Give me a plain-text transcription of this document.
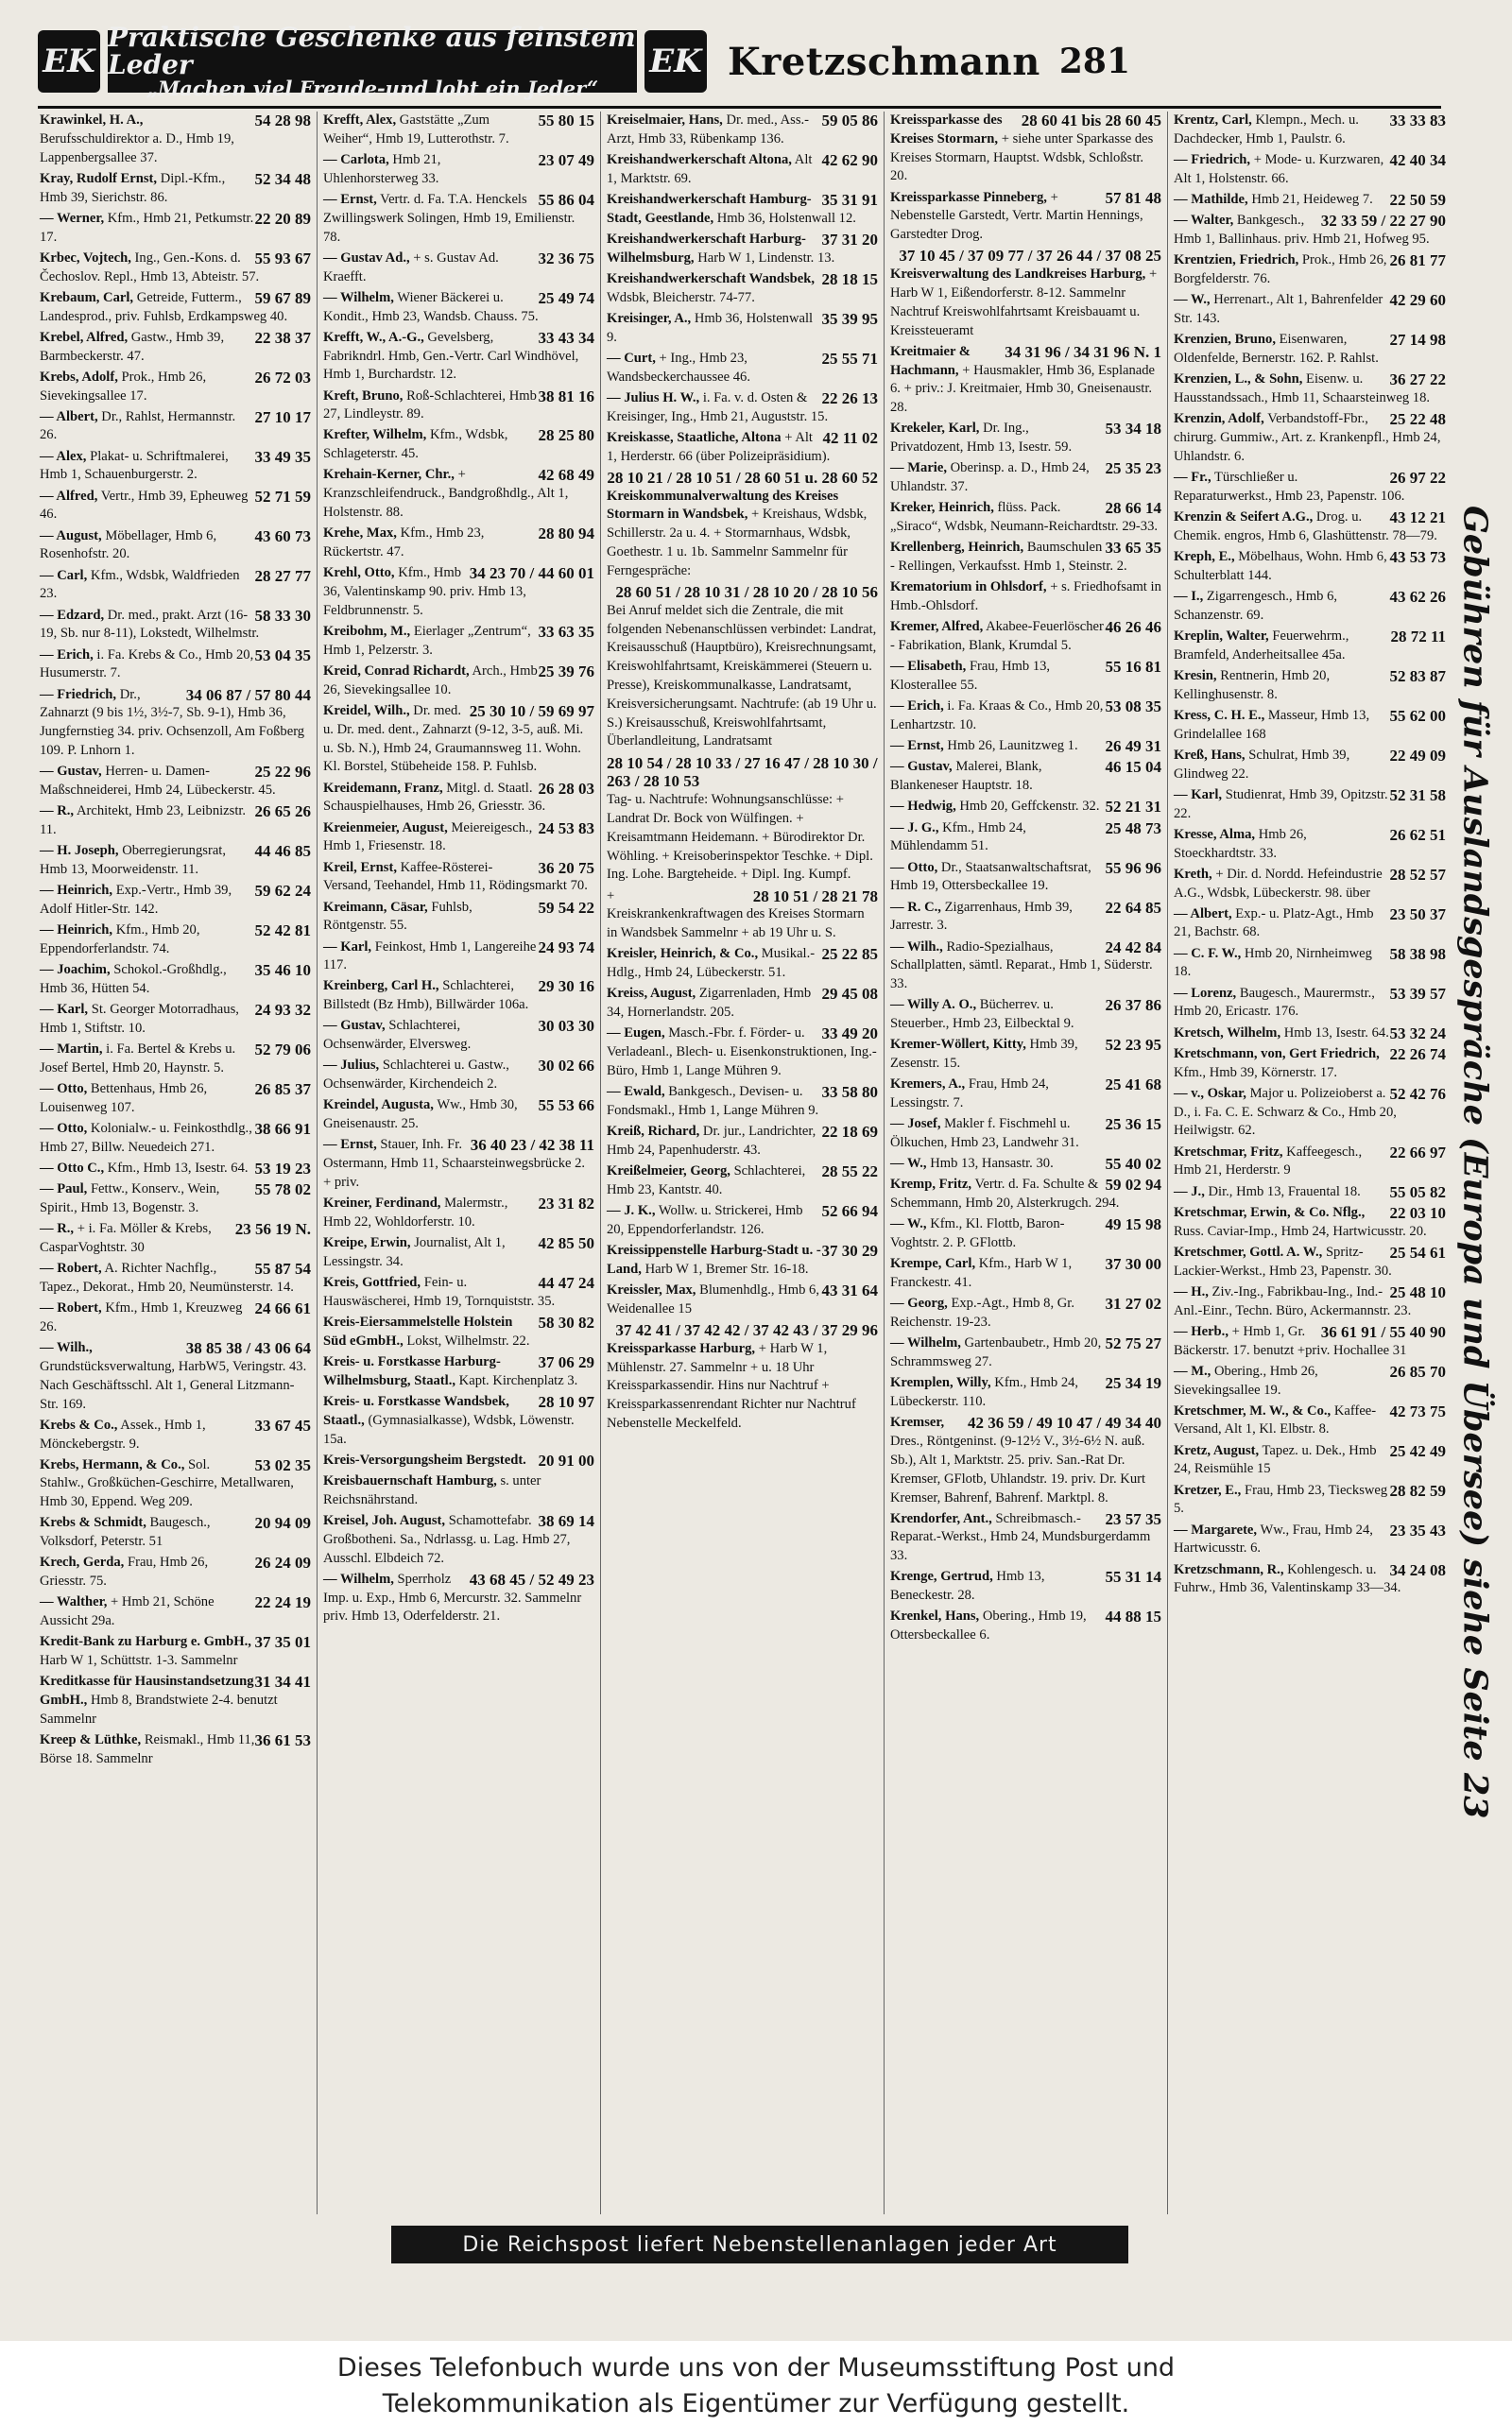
EK
Praktische Geschenke aus feinstem Leder
„Machen viel Freude-und lobt ein Jeder“
EK Kretzschmann 281
54 28 98
Krawinkel, H. A., Berufsschuldirektor a. D., Hmb 19, Lappenbergsallee 37.
52 34 48
Kray, Rudolf Ernst, Dipl.-Kfm., Hmb 39, Sierichstr. 86.
22 20 89
— Werner, Kfm., Hmb 21, Petkumstr. 17.
55 93 67
Krbec, Vojtech, Ing., Gen.-Kons. d. Čechoslov. Repl., Hmb 13, Abteistr. 57.
59 67 89
Krebaum, Carl, Getreide, Futterm., Landesprod., priv. Fuhlsb, Erdkampsweg 40.
22 38 37
Krebel, Alfred, Gastw., Hmb 39, Barmbeckerstr. 47.
26 72 03
Krebs, Adolf, Prok., Hmb 26, Sievekingsallee 17.
27 10 17
— Albert, Dr., Rahlst, Hermannstr. 26.
33 49 35
— Alex, Plakat- u. Schriftmalerei, Hmb 1, Schauenburgerstr. 2.
52 71 59
— Alfred, Vertr., Hmb 39, Epheuweg 46.
43 60 73
— August, Möbellager, Hmb 6, Rosenhofstr. 20.
28 27 77
— Carl, Kfm., Wdsbk, Waldfrieden 23.
58 33 30
— Edzard, Dr. med., prakt. Arzt (16-19, Sb. nur 8-11), Lokstedt, Wilhelmstr.
53 04 35
— Erich, i. Fa. Krebs & Co., Hmb 20, Husumerstr. 7.
34 06 87 / 57 80 44
— Friedrich, Dr., Zahnarzt (9 bis 1½, 3½-7, Sb. 9-1), Hmb 36, Jungfernstieg 34. priv. Ochsenzoll, Am Foßberg 109. P. Lnhorn 1.
25 22 96
— Gustav, Herren- u. Damen-Maßschneiderei, Hmb 24, Lübeckerstr. 45.
26 65 26
— R., Architekt, Hmb 23, Leibnizstr. 11.
44 46 85
— H. Joseph, Oberregierungsrat, Hmb 13, Moorweidenstr. 11.
59 62 24
— Heinrich, Exp.-Vertr., Hmb 39, Adolf Hitler-Str. 142.
52 42 81
— Heinrich, Kfm., Hmb 20, Eppendorferlandstr. 74.
35 46 10
— Joachim, Schokol.-Großhdlg., Hmb 36, Hütten 54.
24 93 32
— Karl, St. Georger Motorradhaus, Hmb 1, Stiftstr. 10.
52 79 06
— Martin, i. Fa. Bertel & Krebs u. Josef Bertel, Hmb 20, Haynstr. 5.
26 85 37
— Otto, Bettenhaus, Hmb 26, Louisenweg 107.
38 66 91
— Otto, Kolonialw.- u. Feinkosthdlg., Hmb 27, Billw. Neuedeich 271.
53 19 23
— Otto C., Kfm., Hmb 13, Isestr. 64.
55 78 02
— Paul, Fettw., Konserv., Wein, Spirit., Hmb 13, Bogenstr. 3.
23 56 19 N.
— R., + i. Fa. Möller & Krebs, CasparVoghtstr. 30
55 87 54
— Robert, A. Richter Nachflg., Tapez., Dekorat., Hmb 20, Neumünsterstr. 14.
24 66 61
— Robert, Kfm., Hmb 1, Kreuzweg 26.
38 85 38 / 43 06 64
— Wilh., Grundstücksverwaltung, HarbW5, Veringstr. 43. Nach Geschäftsschl. Alt 1, General Litzmann-Str. 169.
33 67 45
Krebs & Co., Assek., Hmb 1, Mönckebergstr. 9.
53 02 35
Krebs, Hermann, & Co., Sol. Stahlw., Großküchen-Geschirre, Metallwaren, Hmb 30, Eppend. Weg 209.
20 94 09
Krebs & Schmidt, Baugesch., Volksdorf, Peterstr. 51
26 24 09
Krech, Gerda, Frau, Hmb 26, Griesstr. 75.
22 24 19
— Walther, + Hmb 21, Schöne Aussicht 29a.
37 35 01
Kredit-Bank zu Harburg e. GmbH., Harb W 1, Schüttstr. 1-3. Sammelnr
31 34 41
Kreditkasse für Hausinstandsetzung GmbH., Hmb 8, Brandstwiete 2-4. benutzt Sammelnr
36 61 53
Kreep & Lüthke, Reismakl., Hmb 11, Börse 18. Sammelnr
55 80 15
Krefft, Alex, Gaststätte „Zum Weiher“, Hmb 19, Lutterothstr. 7.
23 07 49
— Carlota, Hmb 21, Uhlenhorsterweg 33.
55 86 04
— Ernst, Vertr. d. Fa. T.A. Henckels Zwillingswerk Solingen, Hmb 19, Emilienstr. 78.
32 36 75
— Gustav Ad., + s. Gustav Ad. Kraefft.
25 49 74
— Wilhelm, Wiener Bäckerei u. Kondit., Hmb 23, Wandsb. Chauss. 75.
33 43 34
Krefft, W., A.-G., Gevelsberg, Fabrikndrl. Hmb, Gen.-Vertr. Carl Windhövel, Hmb 1, Burchardstr. 12.
38 81 16
Kreft, Bruno, Roß-Schlachterei, Hmb 27, Lindleystr. 89.
28 25 80
Krefter, Wilhelm, Kfm., Wdsbk, Schlageterstr. 45.
42 68 49
Krehain-Kerner, Chr., + Kranzschleifendruck., Bandgroßhdlg., Alt 1, Holstenstr. 88.
28 80 94
Krehe, Max, Kfm., Hmb 23, Rückertstr. 47.
34 23 70 / 44 60 01
Krehl, Otto, Kfm., Hmb 36, Valentinskamp 90. priv. Hmb 13, Feldbrunnenstr. 5.
33 63 35
Kreibohm, M., Eierlager „Zentrum“, Hmb 1, Pelzerstr. 3.
25 39 76
Kreid, Conrad Richardt, Arch., Hmb 26, Sievekingsallee 10.
25 30 10 / 59 69 97
Kreidel, Wilh., Dr. med. u. Dr. med. dent., Zahnarzt (9-12, 3-5, auß. Mi. u. Sb. N.), Hmb 24, Graumannsweg 11. Wohn. Kl. Borstel, Stübeheide 158. P. Fuhlsb.
26 28 03
Kreidemann, Franz, Mitgl. d. Staatl. Schauspielhauses, Hmb 26, Griesstr. 36.
24 53 83
Kreienmeier, August, Meiereigesch., Hmb 1, Friesenstr. 18.
36 20 75
Kreil, Ernst, Kaffee-Rösterei-Versand, Teehandel, Hmb 11, Rödingsmarkt 70.
59 54 22
Kreimann, Cäsar, Fuhlsb, Röntgenstr. 55.
24 93 74
— Karl, Feinkost, Hmb 1, Langereihe 117.
29 30 16
Kreinberg, Carl H., Schlachterei, Billstedt (Bz Hmb), Billwärder 106a.
30 03 30
— Gustav, Schlachterei, Ochsenwärder, Elversweg.
30 02 66
— Julius, Schlachterei u. Gastw., Ochsenwärder, Kirchendeich 2.
55 53 66
Kreindel, Augusta, Ww., Hmb 30, Gneisenaustr. 25.
36 40 23 / 42 38 11
— Ernst, Stauer, Inh. Fr. Ostermann, Hmb 11, Schaarsteinwegsbrücke 2. + priv.
23 31 82
Kreiner, Ferdinand, Malermstr., Hmb 22, Wohldorferstr. 10.
42 85 50
Kreipe, Erwin, Journalist, Alt 1, Lessingstr. 34.
44 47 24
Kreis, Gottfried, Fein- u. Hauswäscherei, Hmb 19, Tornquiststr. 35.
58 30 82
Kreis-Eiersammelstelle Holstein Süd eGmbH., Lokst, Wilhelmstr. 22.
37 06 29
Kreis- u. Forstkasse Harburg-Wilhelmsburg, Staatl., Kapt. Kirchenplatz 3.
28 10 97
Kreis- u. Forstkasse Wandsbek, Staatl., (Gymnasialkasse), Wdsbk, Löwenstr. 15a.
20 91 00
Kreis-Versorgungsheim Bergstedt.
Kreisbauernschaft Hamburg, s. unter Reichsnährstand.
38 69 14
Kreisel, Joh. August, Schamottefabr. Großbotheni. Sa., Ndrlassg. u. Lag. Hmb 27, Ausschl. Elbdeich 72.
43 68 45 / 52 49 23
— Wilhelm, Sperrholz Imp. u. Exp., Hmb 6, Mercurstr. 32. Sammelnr priv. Hmb 13, Oderfelderstr. 21.
59 05 86
Kreiselmaier, Hans, Dr. med., Ass.-Arzt, Hmb 33, Rübenkamp 136.
42 62 90
Kreishandwerkerschaft Altona, Alt 1, Marktstr. 69.
35 31 91
Kreishandwerkerschaft Hamburg-Stadt, Geestlande, Hmb 36, Holstenwall 12.
37 31 20
Kreishandwerkerschaft Harburg-Wilhelmsburg, Harb W 1, Lindenstr. 13.
28 18 15
Kreishandwerkerschaft Wandsbek, Wdsbk, Bleicherstr. 74-77.
35 39 95
Kreisinger, A., Hmb 36, Holstenwall 9.
25 55 71
— Curt, + Ing., Hmb 23, Wandsbeckerchaussee 46.
22 26 13
— Julius H. W., i. Fa. v. d. Osten & Kreisinger, Ing., Hmb 21, Auguststr. 15.
42 11 02
Kreiskasse, Staatliche, Altona + Alt 1, Herderstr. 66 (über Polizeipräsidium).
28 10 21 / 28 10 51 / 28 60 51 u. 28 60 52
Kreiskommunalverwaltung des Kreises Stormarn in Wandsbek, + Kreishaus, Wdsbk, Schillerstr. 2a u. 4. + Stormarnhaus, Wdsbk, Goethestr. 1 u. 1b. Sammelnr Sammelnr für Ferngespräche:
28 60 51 / 28 10 31 / 28 10 20 / 28 10 56
Bei Anruf meldet sich die Zentrale, die mit folgenden Nebenanschlüssen verbindet: Landrat, Kreisausschuß (Hauptbüro), Kreisrechnungsamt, Kreiswohlfahrtsamt, Kreiskämmerei (Steuern u. Presse), Kreiskommunalkasse, Landratsamt, Kreisversicherungsamt. Nachtrufe: (ab 19 Uhr u. S.) Kreisausschuß, Kreiswohlfahrtsamt, Überlandleitung, Landratsamt
28 10 54 / 28 10 33 / 27 16 47 / 28 10 30 / 263 / 28 10 53
Tag- u. Nachtrufe: Wohnungsanschlüsse: + Landrat Dr. Bock von Wülfingen. + Kreisamtmann Heidemann. + Bürodirektor Dr. Wöhling. + Kreisoberinspektor Teschke. + Dipl. Ing. Lohe. Bargteheide. + Dipl. Ing. Kumpf.
28 10 51 / 28 21 78
+ Kreiskrankenkraftwagen des Kreises Stormarn in Wandsbek Sammelnr + ab 19 Uhr u. S.
25 22 85
Kreisler, Heinrich, & Co., Musikal.-Hdlg., Hmb 24, Lübeckerstr. 51.
29 45 08
Kreiss, August, Zigarrenladen, Hmb 34, Hornerlandstr. 205.
33 49 20
— Eugen, Masch.-Fbr. f. Förder- u. Verladeanl., Blech- u. Eisenkonstruktionen, Ing.-Büro, Hmb 1, Lange Mühren 9.
33 58 80
— Ewald, Bankgesch., Devisen- u. Fondsmakl., Hmb 1, Lange Mühren 9.
22 18 69
Kreiß, Richard, Dr. jur., Landrichter, Hmb 24, Papenhuderstr. 43.
28 55 22
Kreißelmeier, Georg, Schlachterei, Hmb 23, Kantstr. 40.
52 66 94
— J. K., Wollw. u. Strickerei, Hmb 20, Eppendorferlandstr. 126.
37 30 29
Kreissippenstelle Harburg-Stadt u. -Land, Harb W 1, Bremer Str. 16-18.
43 31 64
Kreissler, Max, Blumenhdlg., Hmb 6, Weidenallee 15
37 42 41 / 37 42 42 / 37 42 43 / 37 29 96
Kreissparkasse Harburg, + Harb W 1, Mühlenstr. 27. Sammelnr + u. 18 Uhr Kreissparkassendir. Hins nur Nachtruf + Kreissparkassenrendant Richter nur Nachtruf Nebenstelle Meckelfeld.
28 60 41 bis 28 60 45
Kreissparkasse des Kreises Stormarn, + siehe unter Sparkasse des Kreises Stormarn, Hauptst. Wdsbk, Schloßstr. 20.
57 81 48
Kreissparkasse Pinneberg, + Nebenstelle Garstedt, Vertr. Martin Hennings, Garstedter Drog.
37 10 45 / 37 09 77 / 37 26 44 / 37 08 25
Kreisverwaltung des Landkreises Harburg, + Harb W 1, Eißendorferstr. 8-12. Sammelnr Nachtruf Kreiswohlfahrtsamt Kreisbauamt u. Kreissteueramt
34 31 96 / 34 31 96 N. 1
Kreitmaier & Hachmann, + Hausmakler, Hmb 36, Esplanade 6. + priv.: J. Kreitmaier, Hmb 30, Gneisenaustr. 28.
53 34 18
Krekeler, Karl, Dr. Ing., Privatdozent, Hmb 13, Isestr. 59.
25 35 23
— Marie, Oberinsp. a. D., Hmb 24, Uhlandstr. 37.
28 66 14
Kreker, Heinrich, flüss. Pack. „Siraco“, Wdsbk, Neumann-Reichardtstr. 29-33.
33 65 35
Krellenberg, Heinrich, Baumschulen - Rellingen, Verkaufsst. Hmb 1, Steinstr. 2.
Krematorium in Ohlsdorf, + s. Friedhofsamt in Hmb.-Ohlsdorf.
46 26 46
Kremer, Alfred, Akabee-Feuerlöscher - Fabrikation, Blank, Krumdal 5.
55 16 81
— Elisabeth, Frau, Hmb 13, Klosterallee 55.
53 08 35
— Erich, i. Fa. Kraas & Co., Hmb 20, Lenhartzstr. 10.
26 49 31
— Ernst, Hmb 26, Launitzweg 1.
46 15 04
— Gustav, Malerei, Blank, Blankeneser Hauptstr. 18.
52 21 31
— Hedwig, Hmb 20, Geffckenstr. 32.
25 48 73
— J. G., Kfm., Hmb 24, Mühlendamm 51.
55 96 96
— Otto, Dr., Staatsanwaltschaftsrat, Hmb 19, Ottersbeckallee 19.
22 64 85
— R. C., Zigarrenhaus, Hmb 39, Jarrestr. 3.
24 42 84
— Wilh., Radio-Spezialhaus, Schallplatten, sämtl. Reparat., Hmb 1, Süderstr. 33.
26 37 86
— Willy A. O., Bücherrev. u. Steuerber., Hmb 23, Eilbecktal 9.
52 23 95
Kremer-Wöllert, Kitty, Hmb 39, Zesenstr. 15.
25 41 68
Kremers, A., Frau, Hmb 24, Lessingstr. 7.
25 36 15
— Josef, Makler f. Fischmehl u. Ölkuchen, Hmb 23, Landwehr 31.
55 40 02
— W., Hmb 13, Hansastr. 30.
59 02 94
Kremp, Fritz, Vertr. d. Fa. Schulte & Schemmann, Hmb 20, Alsterkrugch. 294.
49 15 98
— W., Kfm., Kl. Flottb, Baron-Voghtstr. 2. P. GFlottb.
37 30 00
Krempe, Carl, Kfm., Harb W 1, Franckestr. 41.
31 27 02
— Georg, Exp.-Agt., Hmb 8, Gr. Reichenstr. 19-23.
52 75 27
— Wilhelm, Gartenbaubetr., Hmb 20, Schrammsweg 27.
25 34 19
Kremplen, Willy, Kfm., Hmb 24, Lübeckerstr. 110.
42 36 59 / 49 10 47 / 49 34 40
Kremser, Dres., Röntgeninst. (9-12½ V., 3½-6½ N. auß. Sb.), Alt 1, Marktstr. 25. priv. San.-Rat Dr. Kremser, GFlotb, Uhlandstr. 19. priv. Dr. Kurt Kremser, Bahrenf, Bahrenf. Marktpl. 8.
23 57 35
Krendorfer, Ant., Schreibmasch.-Reparat.-Werkst., Hmb 24, Mundsburgerdamm 33.
55 31 14
Krenge, Gertrud, Hmb 13, Beneckestr. 28.
44 88 15
Krenkel, Hans, Obering., Hmb 19, Ottersbeckallee 6.
33 33 83
Krentz, Carl, Klempn., Mech. u. Dachdecker, Hmb 1, Paulstr. 6.
42 40 34
— Friedrich, + Mode- u. Kurzwaren, Alt 1, Holstenstr. 66.
22 50 59
— Mathilde, Hmb 21, Heideweg 7.
32 33 59 / 22 27 90
— Walter, Bankgesch., Hmb 1, Ballinhaus. priv. Hmb 21, Hofweg 95.
26 81 77
Krentzien, Friedrich, Prok., Hmb 26, Borgfelderstr. 76.
42 29 60
— W., Herrenart., Alt 1, Bahrenfelder Str. 143.
27 14 98
Krenzien, Bruno, Eisenwaren, Oldenfelde, Bernerstr. 162. P. Rahlst.
36 27 22
Krenzien, L., & Sohn, Eisenw. u. Hausstandssach., Hmb 11, Schaarsteinweg 18.
25 22 48
Krenzin, Adolf, Verbandstoff-Fbr., chirurg. Gummiw., Art. z. Krankenpfl., Hmb 24, Uhlandstr. 6.
26 97 22
— Fr., Türschließer u. Reparaturwerkst., Hmb 23, Papenstr. 106.
43 12 21
Krenzin & Seifert A.G., Drog. u. Chemik. engros, Hmb 6, Glashüttenstr. 78—79.
43 53 73
Kreph, E., Möbelhaus, Wohn. Hmb 6, Schulterblatt 144.
43 62 26
— I., Zigarrengesch., Hmb 6, Schanzenstr. 69.
28 72 11
Kreplin, Walter, Feuerwehrm., Bramfeld, Anderheitsallee 45a.
52 83 87
Kresin, Rentnerin, Hmb 20, Kellinghusenstr. 8.
55 62 00
Kress, C. H. E., Masseur, Hmb 13, Grindelallee 168
22 49 09
Kreß, Hans, Schulrat, Hmb 39, Glindweg 22.
52 31 58
— Karl, Studienrat, Hmb 39, Opitzstr. 22.
26 62 51
Kresse, Alma, Hmb 26, Stoeckhardtstr. 33.
28 52 57
Kreth, + Dir. d. Nordd. Hefeindustrie A.G., Wdsbk, Lübeckerstr. 98. über
23 50 37
— Albert, Exp.- u. Platz-Agt., Hmb 21, Bachstr. 68.
58 38 98
— C. F. W., Hmb 20, Nirnheimweg 18.
53 39 57
— Lorenz, Baugesch., Maurermstr., Hmb 20, Ericastr. 176.
53 32 24
Kretsch, Wilhelm, Hmb 13, Isestr. 64.
22 26 74
Kretschmann, von, Gert Friedrich, Kfm., Hmb 39, Körnerstr. 17.
52 42 76
— v., Oskar, Major u. Polizeioberst a. D., i. Fa. C. E. Schwarz & Co., Hmb 20, Heilwigstr. 62.
22 66 97
Kretschmar, Fritz, Kaffeegesch., Hmb 21, Herderstr. 9
55 05 82
— J., Dir., Hmb 13, Frauental 18.
22 03 10
Kretschmar, Erwin, & Co. Nflg., Russ. Caviar-Imp., Hmb 24, Hartwicusstr. 20.
25 54 61
Kretschmer, Gottl. A. W., Spritz-Lackier-Werkst., Hmb 23, Papenstr. 30.
25 48 10
— H., Ziv.-Ing., Fabrikbau-Ing., Ind.-Anl.-Einr., Techn. Büro, Ackermannstr. 23.
36 61 91 / 55 40 90
— Herb., + Hmb 1, Gr. Bäckerstr. 17. benutzt +priv. Hochallee 31
26 85 70
— M., Obering., Hmb 26, Sievekingsallee 19.
42 73 75
Kretschmer, M. W., & Co., Kaffee-Versand, Alt 1, Kl. Elbstr. 8.
25 42 49
Kretz, August, Tapez. u. Dek., Hmb 24, Reismühle 15
28 82 59
Kretzer, E., Frau, Hmb 23, Tiecksweg 5.
23 35 43
— Margarete, Ww., Frau, Hmb 24, Hartwicusstr. 6.
34 24 08
Kretzschmann, R., Kohlengesch. u. Fuhrw., Hmb 36, Valentinskamp 33—34.	Gebühren für Auslandsgespräche (Europa und Übersee) siehe Seite 23
Die Reichspost liefert Nebenstellenanlagen jeder Art
Dieses Telefonbuch wurde uns von der Museumsstiftung Post und
Telekommunikation als Eigentümer zur Verfügung gestellt.
